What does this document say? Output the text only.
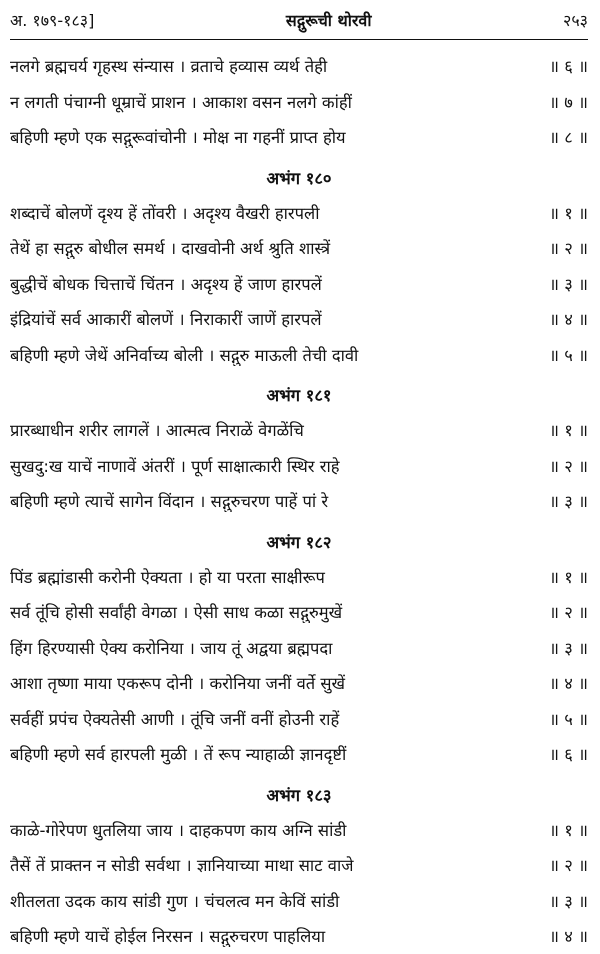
अ. १७९-१८३]	सद्गुरूची थोरवी	२५३
नलगे ब्रह्मचर्य गृहस्थ संन्यास । व्रताचे हव्यास व्यर्थ तेही	॥ ६ ॥
न लगती पंचाग्नी धूम्राचें प्राशन । आकाश वसन नलगे कांहीं	॥ ७ ॥
बहिणी म्हणे एक सद्गुरूवांचोनी । मोक्ष ना गहनीं प्राप्त होय	॥ ८ ॥
अभंग १८०
शब्दाचें बोलणें दृश्य हें तोंवरी । अदृश्य वैखरी हारपली	॥ १ ॥
तेथें हा सद्गुरु बोधील समर्थ । दाखवोनी अर्थ श्रुति शास्त्रें	॥ २ ॥
बुद्धीचें बोधक चित्ताचें चिंतन । अदृश्य हें जाण हारपलें	॥ ३ ॥
इंद्रियांचें सर्व आकारीं बोलणें । निराकारीं जाणें हारपलें	॥ ४ ॥
बहिणी म्हणे जेथें अनिर्वाच्य बोली । सद्गुरु माऊली तेची दावी	॥ ५ ॥
अभंग १८१
प्रारब्धाधीन शरीर लागलें । आत्मत्व निराळें वेगळेंचि	॥ १ ॥
सुखदु:ख याचें नाणावें अंतरीं । पूर्ण साक्षात्कारी स्थिर राहे	॥ २ ॥
बहिणी म्हणे त्याचें सागेन विंदान । सद्गुरुचरण पाहें पां रे	॥ ३ ॥
अभंग १८२
पिंड ब्रह्मांडासी करोनी ऐक्यता । हो या परता साक्षीरूप	॥ १ ॥
सर्व तूंचि होसी सर्वांही वेगळा । ऐसी साध कळा सद्गुरुमुखें	॥ २ ॥
हिंग हिरण्यासी ऐक्य करोनिया । जाय तूं अद्वया ब्रह्मपदा	॥ ३ ॥
आशा तृष्णा माया एकरूप दोनी । करोनिया जनीं वर्ते सुखें	॥ ४ ॥
सर्वहीं प्रपंच ऐक्यतेसी आणी । तूंचि जनीं वनीं होउनी राहें	॥ ५ ॥
बहिणी म्हणे सर्व हारपली मुळी । तें रूप न्याहाळी ज्ञानदृष्टीं	॥ ६ ॥
अभंग १८३
काळे-गोरेपण धुतलिया जाय । दाहकपण काय अग्नि सांडी	॥ १ ॥
तैसें तें प्राक्तन न सोडी सर्वथा । ज्ञानियाच्या माथा साट वाजे	॥ २ ॥
शीतलता उदक काय सांडी गुण । चंचलत्व मन केविं सांडी	॥ ३ ॥
बहिणी म्हणे याचें होईल निरसन । सद्गुरुचरण पाहलिया	॥ ४ ॥
